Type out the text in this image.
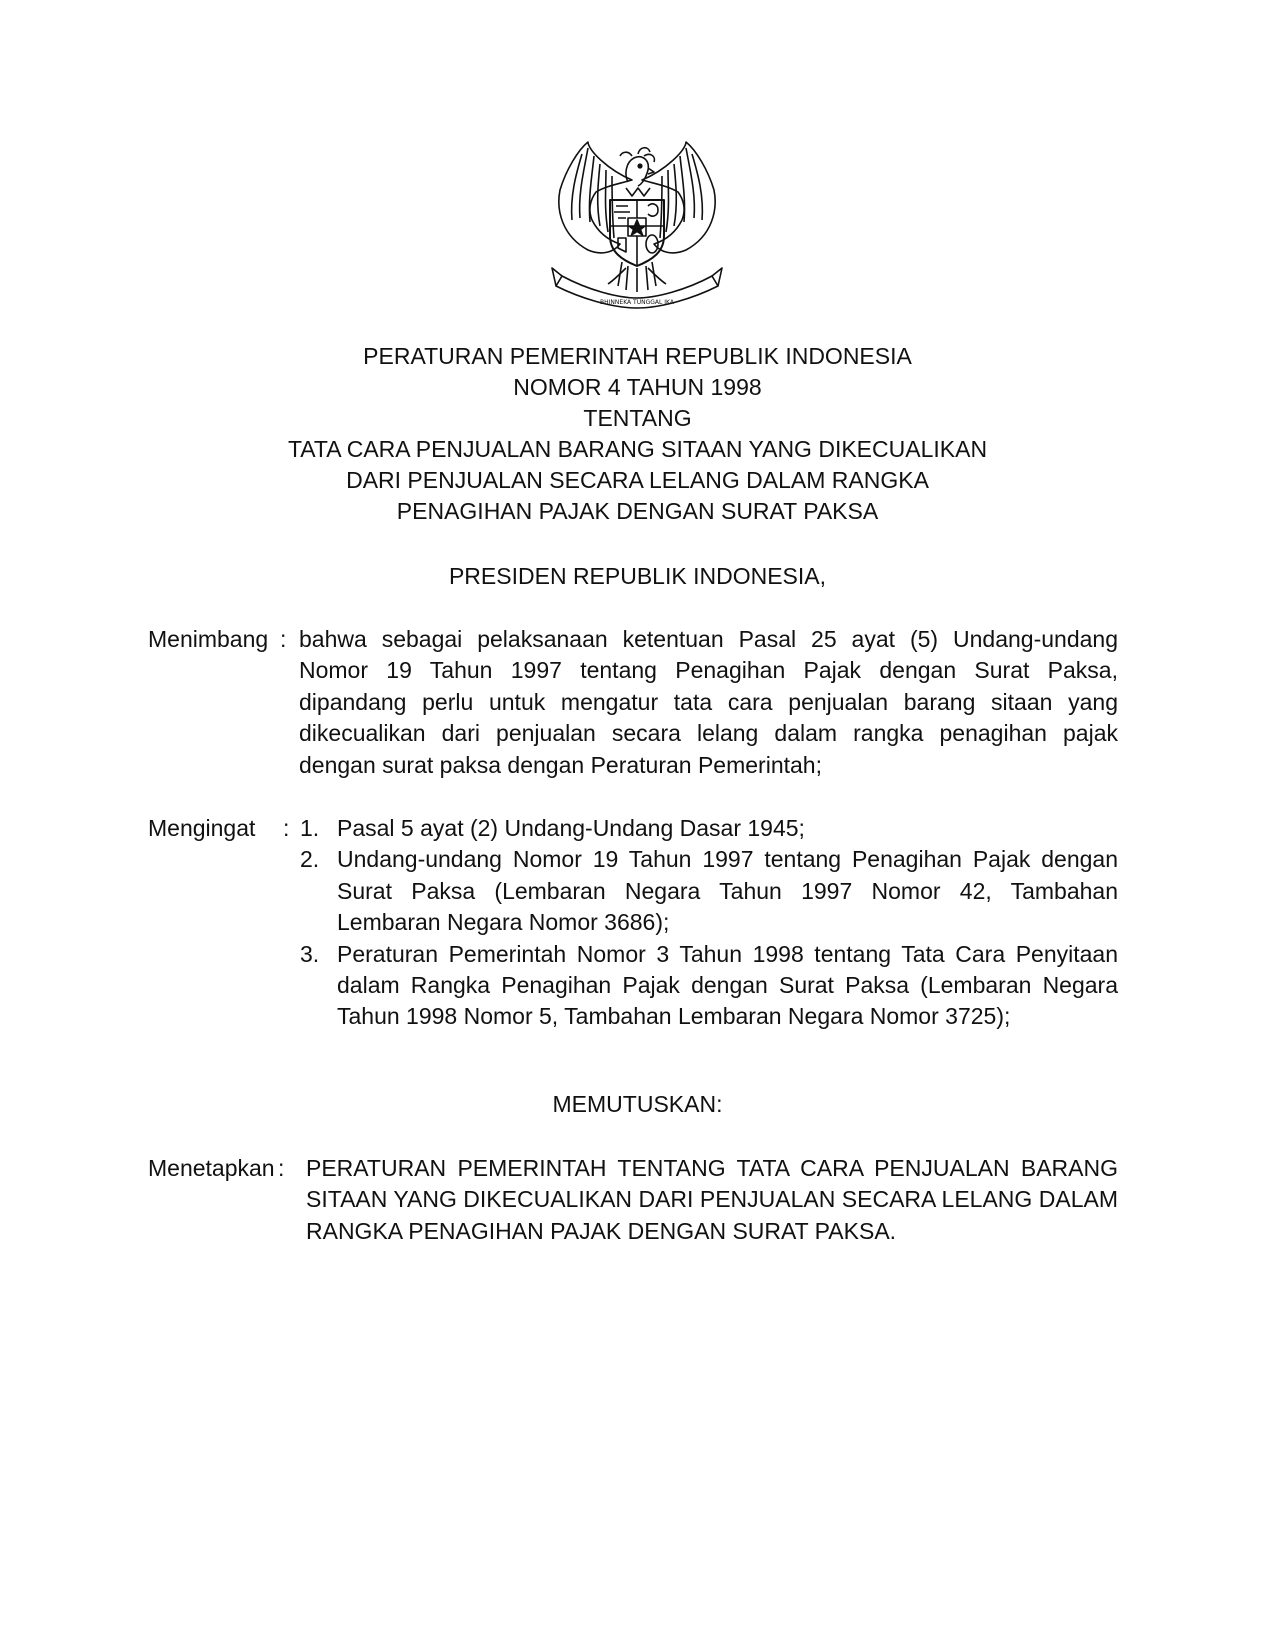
BHINNEKA TUNGGAL IKA
PERATURAN PEMERINTAH REPUBLIK INDONESIA
NOMOR 4 TAHUN 1998
TENTANG
TATA CARA PENJUALAN BARANG SITAAN YANG DIKECUALIKAN
DARI PENJUALAN SECARA LELANG DALAM RANGKA
PENAGIHAN PAJAK DENGAN SURAT PAKSA
PRESIDEN REPUBLIK INDONESIA,
Menimbang : bahwa sebagai pelaksanaan ketentuan Pasal 25 ayat (5) Undang-undang Nomor 19 Tahun 1997 tentang Penagihan Pajak dengan Surat Paksa, dipandang perlu untuk mengatur tata cara penjualan barang sitaan yang dikecualikan dari penjualan secara lelang dalam rangka penagihan pajak dengan surat paksa dengan Peraturan Pemerintah;
Mengingat : 1. Pasal 5 ayat (2) Undang-Undang Dasar 1945;
2. Undang-undang Nomor 19 Tahun 1997 tentang Penagihan Pajak dengan Surat Paksa (Lembaran Negara Tahun 1997 Nomor 42, Tambahan Lembaran Negara Nomor 3686);
3. Peraturan Pemerintah Nomor 3 Tahun 1998 tentang Tata Cara Penyitaan dalam Rangka Penagihan Pajak dengan Surat Paksa (Lembaran Negara Tahun 1998 Nomor 5, Tambahan Lembaran Negara Nomor 3725);
MEMUTUSKAN:
Menetapkan : PERATURAN PEMERINTAH TENTANG TATA CARA PENJUALAN BARANG SITAAN YANG DIKECUALIKAN DARI PENJUALAN SECARA LELANG DALAM RANGKA PENAGIHAN PAJAK DENGAN SURAT PAKSA.
